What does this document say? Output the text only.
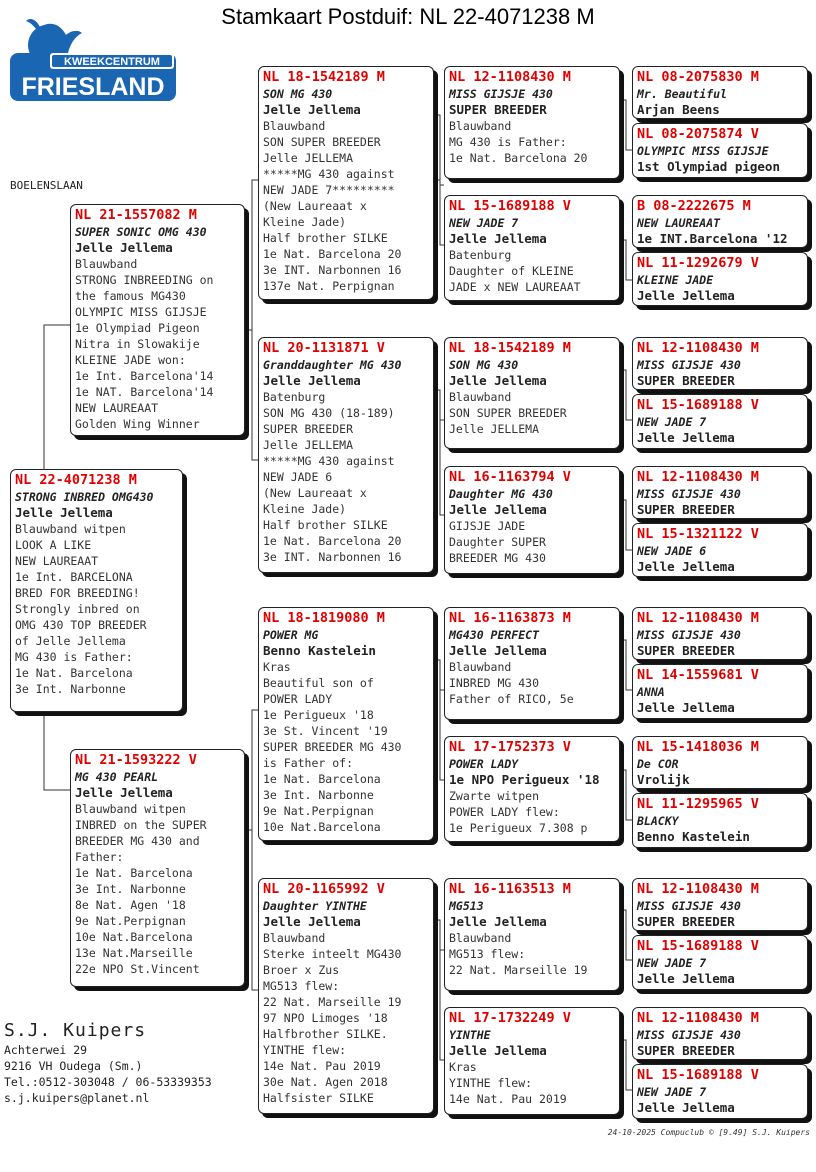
Stamkaart Postduif: NL 22-4071238 M
KWEEKCENTRUM
FRIESLAND
BOELENSLAAN
NL 22-4071238 M
STRONG INBRED OMG430
Jelle Jellema
Blauwband witpen
LOOK A LIKE
NEW LAUREAAT
1e Int. BARCELONA
BRED FOR BREEDING!
Strongly inbred on
OMG 430 TOP BREEDER
of Jelle Jellema
MG 430 is Father:
1e Nat. Barcelona
3e Int. Narbonne
NL 21-1557082 M
SUPER SONIC OMG 430
Jelle Jellema
Blauwband
STRONG INBREEDING on
the famous MG430
OLYMPIC MISS GIJSJE
1e Olympiad Pigeon
Nitra in Slowakije
KLEINE JADE won:
1e Int. Barcelona'14
1e NAT. Barcelona'14
NEW LAUREAAT
Golden Wing Winner
NL 21-1593222 V
MG 430 PEARL
Jelle Jellema
Blauwband witpen
INBRED on the SUPER
BREEDER MG 430 and
Father:
1e Nat. Barcelona
3e Int. Narbonne
8e Nat. Agen '18
9e Nat.Perpignan
10e Nat.Barcelona
13e Nat.Marseille
22e NPO St.Vincent
NL 18-1542189 M
SON MG 430
Jelle Jellema
Blauwband
SON SUPER BREEDER
Jelle JELLEMA
*****MG 430 against
NEW JADE 7*********
(New Laureaat x
Kleine Jade)
Half brother SILKE
1e Nat. Barcelona 20
3e INT. Narbonnen 16
137e Nat. Perpignan
NL 20-1131871 V
Granddaughter MG 430
Jelle Jellema
Batenburg
SON MG 430 (18-189)
SUPER BREEDER
Jelle JELLEMA
*****MG 430 against
NEW JADE 6
(New Laureaat x
Kleine Jade)
Half brother SILKE
1e Nat. Barcelona 20
3e INT. Narbonnen 16
NL 18-1819080 M
POWER MG
Benno Kastelein
Kras
Beautiful son of
POWER LADY
1e Perigueux '18
3e St. Vincent '19
SUPER BREEDER MG 430
is Father of:
1e Nat. Barcelona
3e Int. Narbonne
9e Nat.Perpignan
10e Nat.Barcelona
NL 20-1165992 V
Daughter YINTHE
Jelle Jellema
Blauwband
Sterke inteelt MG430
Broer x Zus
MG513 flew:
22 Nat. Marseille 19
97 NPO Limoges '18
Halfbrother SILKE.
YINTHE flew:
14e Nat. Pau 2019
30e Nat. Agen 2018
Halfsister SILKE
NL 12-1108430 M
MISS GIJSJE 430
SUPER BREEDER
Blauwband
MG 430 is Father:
1e Nat. Barcelona 20
NL 15-1689188 V
NEW JADE 7
Jelle Jellema
Batenburg
Daughter of KLEINE
JADE x NEW LAUREAAT
NL 18-1542189 M
SON MG 430
Jelle Jellema
Blauwband
SON SUPER BREEDER
Jelle JELLEMA
NL 16-1163794 V
Daughter MG 430
Jelle Jellema
GIJSJE JADE
Daughter SUPER
BREEDER MG 430
NL 16-1163873 M
MG430 PERFECT
Jelle Jellema
Blauwband
INBRED MG 430
Father of RICO, 5e
NL 17-1752373 V
POWER LADY
1e NPO Perigueux '18
Zwarte witpen
POWER LADY flew:
1e Perigueux 7.308 p
NL 16-1163513 M
MG513
Jelle Jellema
Blauwband
MG513 flew:
22 Nat. Marseille 19
NL 17-1732249 V
YINTHE
Jelle Jellema
Kras
YINTHE flew:
14e Nat. Pau 2019
NL 08-2075830 M
Mr. Beautiful
Arjan Beens
NL 08-2075874 V
OLYMPIC MISS GIJSJE
1st Olympiad pigeon
B 08-2222675 M
NEW LAUREAAT
1e INT.Barcelona '12
NL 11-1292679 V
KLEINE JADE
Jelle Jellema
NL 12-1108430 M
MISS GIJSJE 430
SUPER BREEDER
NL 15-1689188 V
NEW JADE 7
Jelle Jellema
NL 12-1108430 M
MISS GIJSJE 430
SUPER BREEDER
NL 15-1321122 V
NEW JADE 6
Jelle Jellema
NL 12-1108430 M
MISS GIJSJE 430
SUPER BREEDER
NL 14-1559681 V
ANNA
Jelle Jellema
NL 15-1418036 M
De COR
Vrolijk
NL 11-1295965 V
BLACKY
Benno Kastelein
NL 12-1108430 M
MISS GIJSJE 430
SUPER BREEDER
NL 15-1689188 V
NEW JADE 7
Jelle Jellema
NL 12-1108430 M
MISS GIJSJE 430
SUPER BREEDER
NL 15-1689188 V
NEW JADE 7
Jelle Jellema
S.J. Kuipers
Achterwei 29
9216 VH Oudega (Sm.)
Tel.:0512-303048 / 06-53339353
s.j.kuipers@planet.nl
24-10-2025 Compuclub © [9.49] S.J. Kuipers
